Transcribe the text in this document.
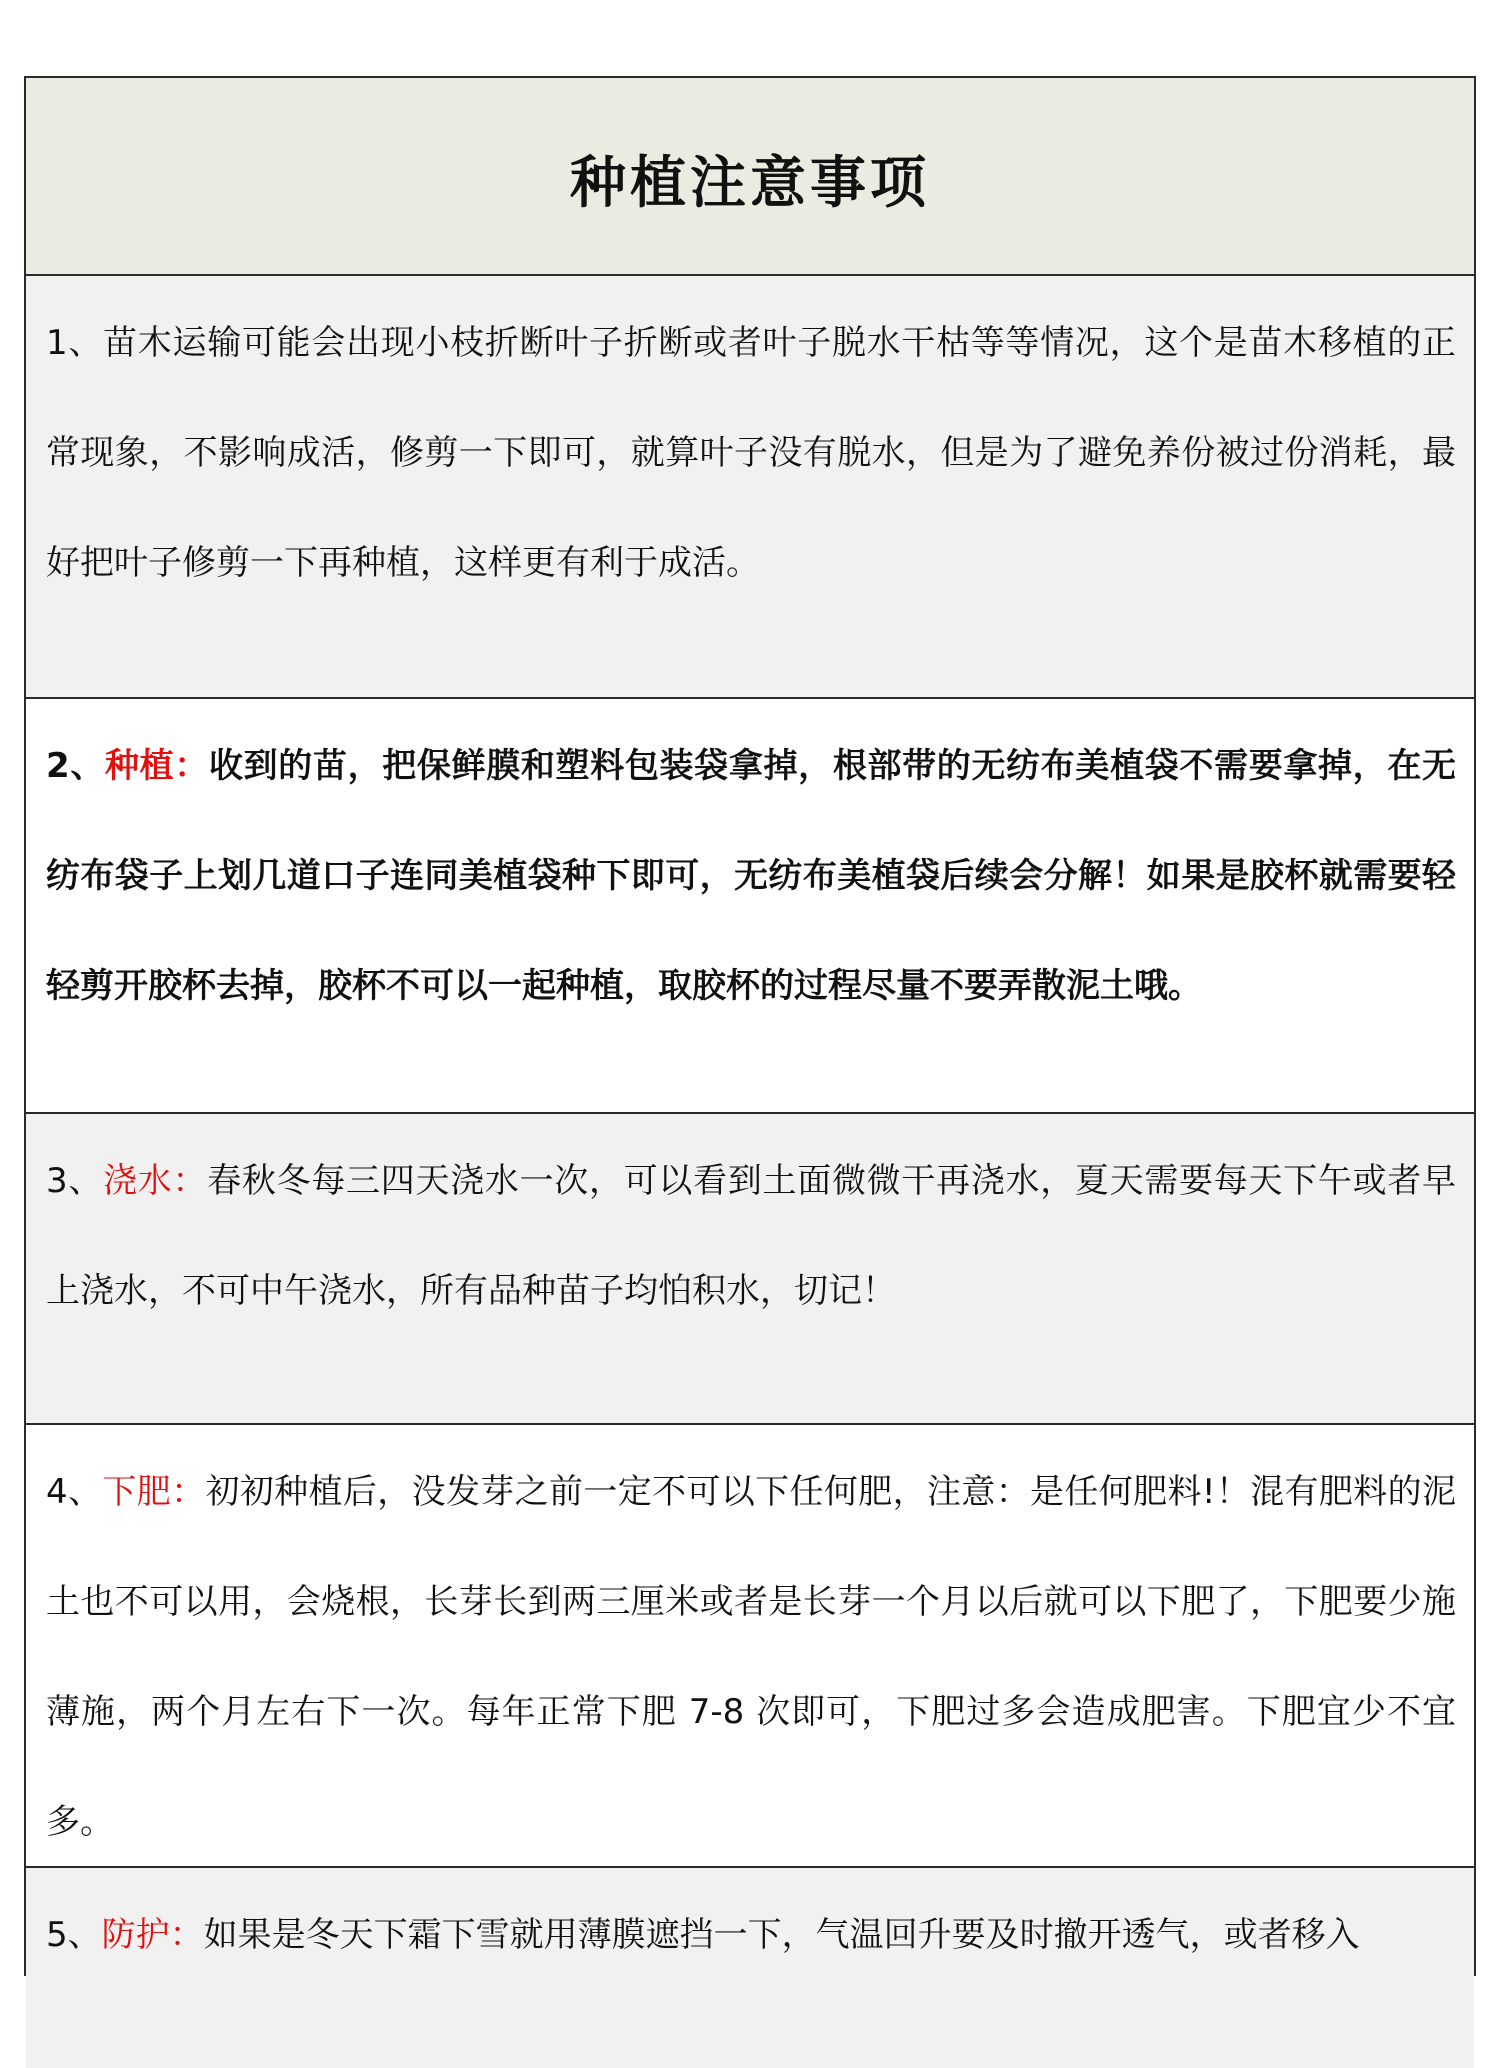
种植注意事项

1、苗木运输可能会出现小枝折断叶子折断或者叶子脱水干枯等等情况，这个是苗木移植的正常现象，不影响成活，修剪一下即可，就算叶子没有脱水，但是为了避免养份被过份消耗，最好把叶子修剪一下再种植，这样更有利于成活。

2、种植：收到的苗，把保鲜膜和塑料包装袋拿掉，根部带的无纺布美植袋不需要拿掉，在无纺布袋子上划几道口子连同美植袋种下即可，无纺布美植袋后续会分解！如果是胶杯就需要轻轻剪开胶杯去掉，胶杯不可以一起种植，取胶杯的过程尽量不要弄散泥土哦。

3、浇水：春秋冬每三四天浇水一次，可以看到土面微微干再浇水，夏天需要每天下午或者早上浇水，不可中午浇水，所有品种苗子均怕积水，切记！

4、下肥：初初种植后，没发芽之前一定不可以下任何肥，注意：是任何肥料!！混有肥料的泥土也不可以用，会烧根，长芽长到两三厘米或者是长芽一个月以后就可以下肥了，下肥要少施薄施，两个月左右下一次。每年正常下肥 7-8 次即可，下肥过多会造成肥害。下肥宜少不宜多。

5、防护：如果是冬天下霜下雪就用薄膜遮挡一下，气温回升要及时撤开透气，或者移入
